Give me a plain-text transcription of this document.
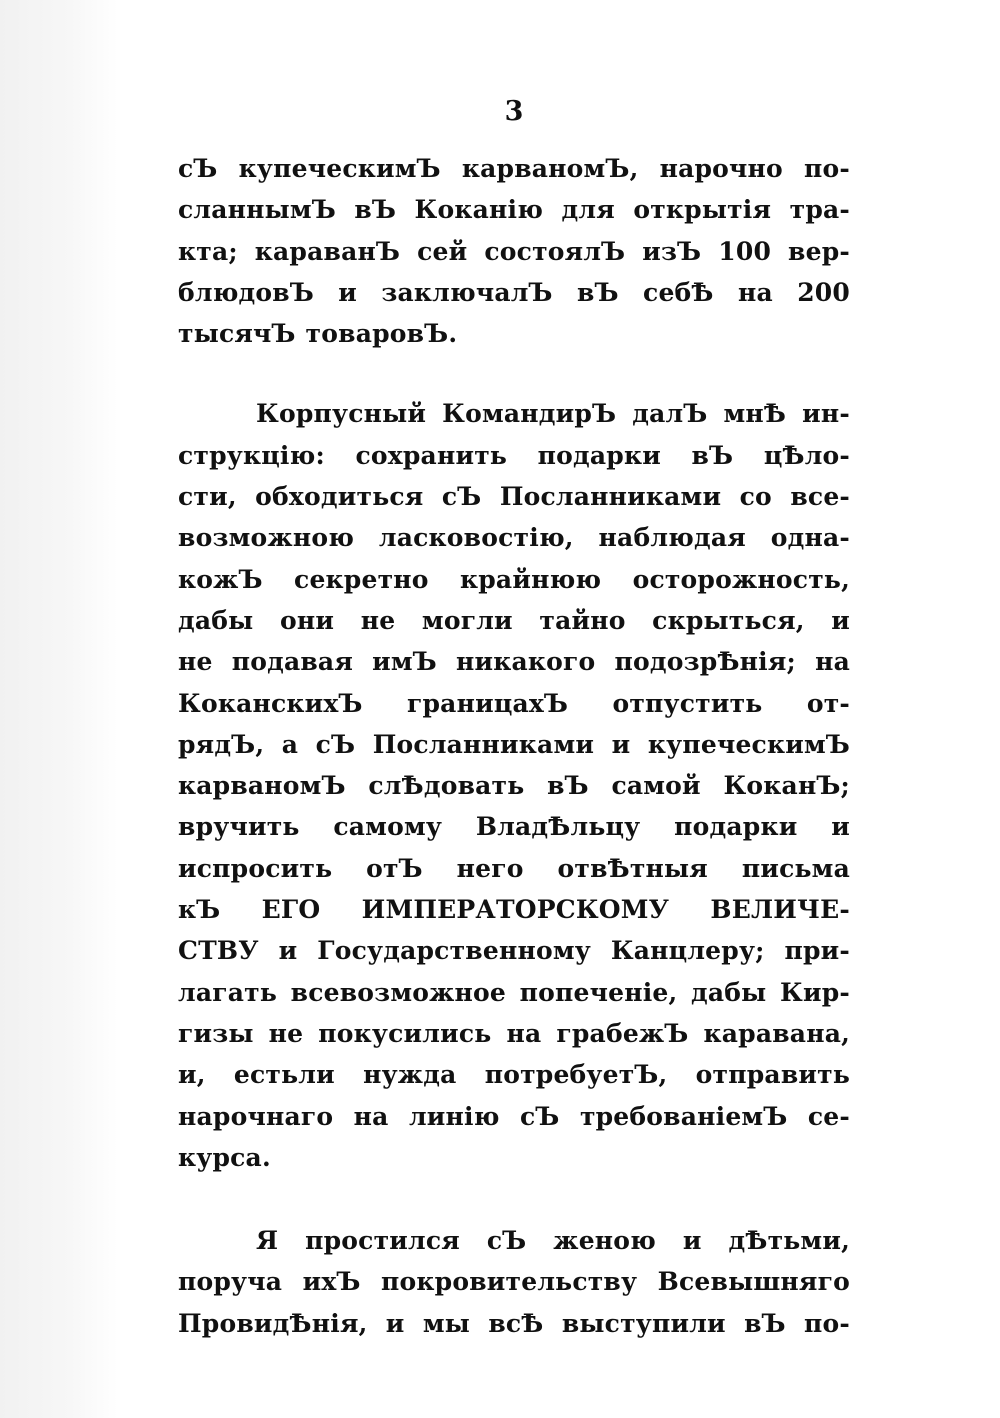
3
сЪ купеческимЪ карваномЪ, нарочно по-
сланнымЪ вЪ Коканiю для открытiя тра-
кта; караванЪ сей состоялЪ изЪ 100 вер-
блюдовЪ и заключалЪ вЪ себѢ на 200
тысячЪ товаровЪ.
Корпусный КомандирЪ далЪ мнѢ ин-
струкцiю: сохранить подарки вЪ цѢло-
сти, обходиться сЪ Посланниками со все-
возможною ласковостiю, наблюдая одна-
кожЪ секретно крайнюю осторожность,
дабы они не могли тайно скрыться, и
не подавая имЪ никакого подозрѢнiя; на
КоканскихЪ границахЪ отпустить от-
рядЪ, а сЪ Посланниками и купеческимЪ
карваномЪ слѢдовать вЪ самой КоканЪ;
вручить самому ВладѢльцу подарки и
испросить отЪ него отвѢтныя письма
кЪ ЕГО ИМПЕРАТОРСКОМУ ВЕЛИЧЕ-
СТВУ и Государственному Канцлеру; при-
лагать всевозможное попеченiе, дабы Кир-
гизы не покусились на грабежЪ каравана,
и, естьли нужда потребуетЪ, отправить
нарочнаго на линiю сЪ требованiемЪ се-
курса.
Я простился сЪ женою и дѢтьми,
поруча ихЪ покровительству Всевышняго
ПровидѢнiя, и мы всѢ выступили вЪ по-
